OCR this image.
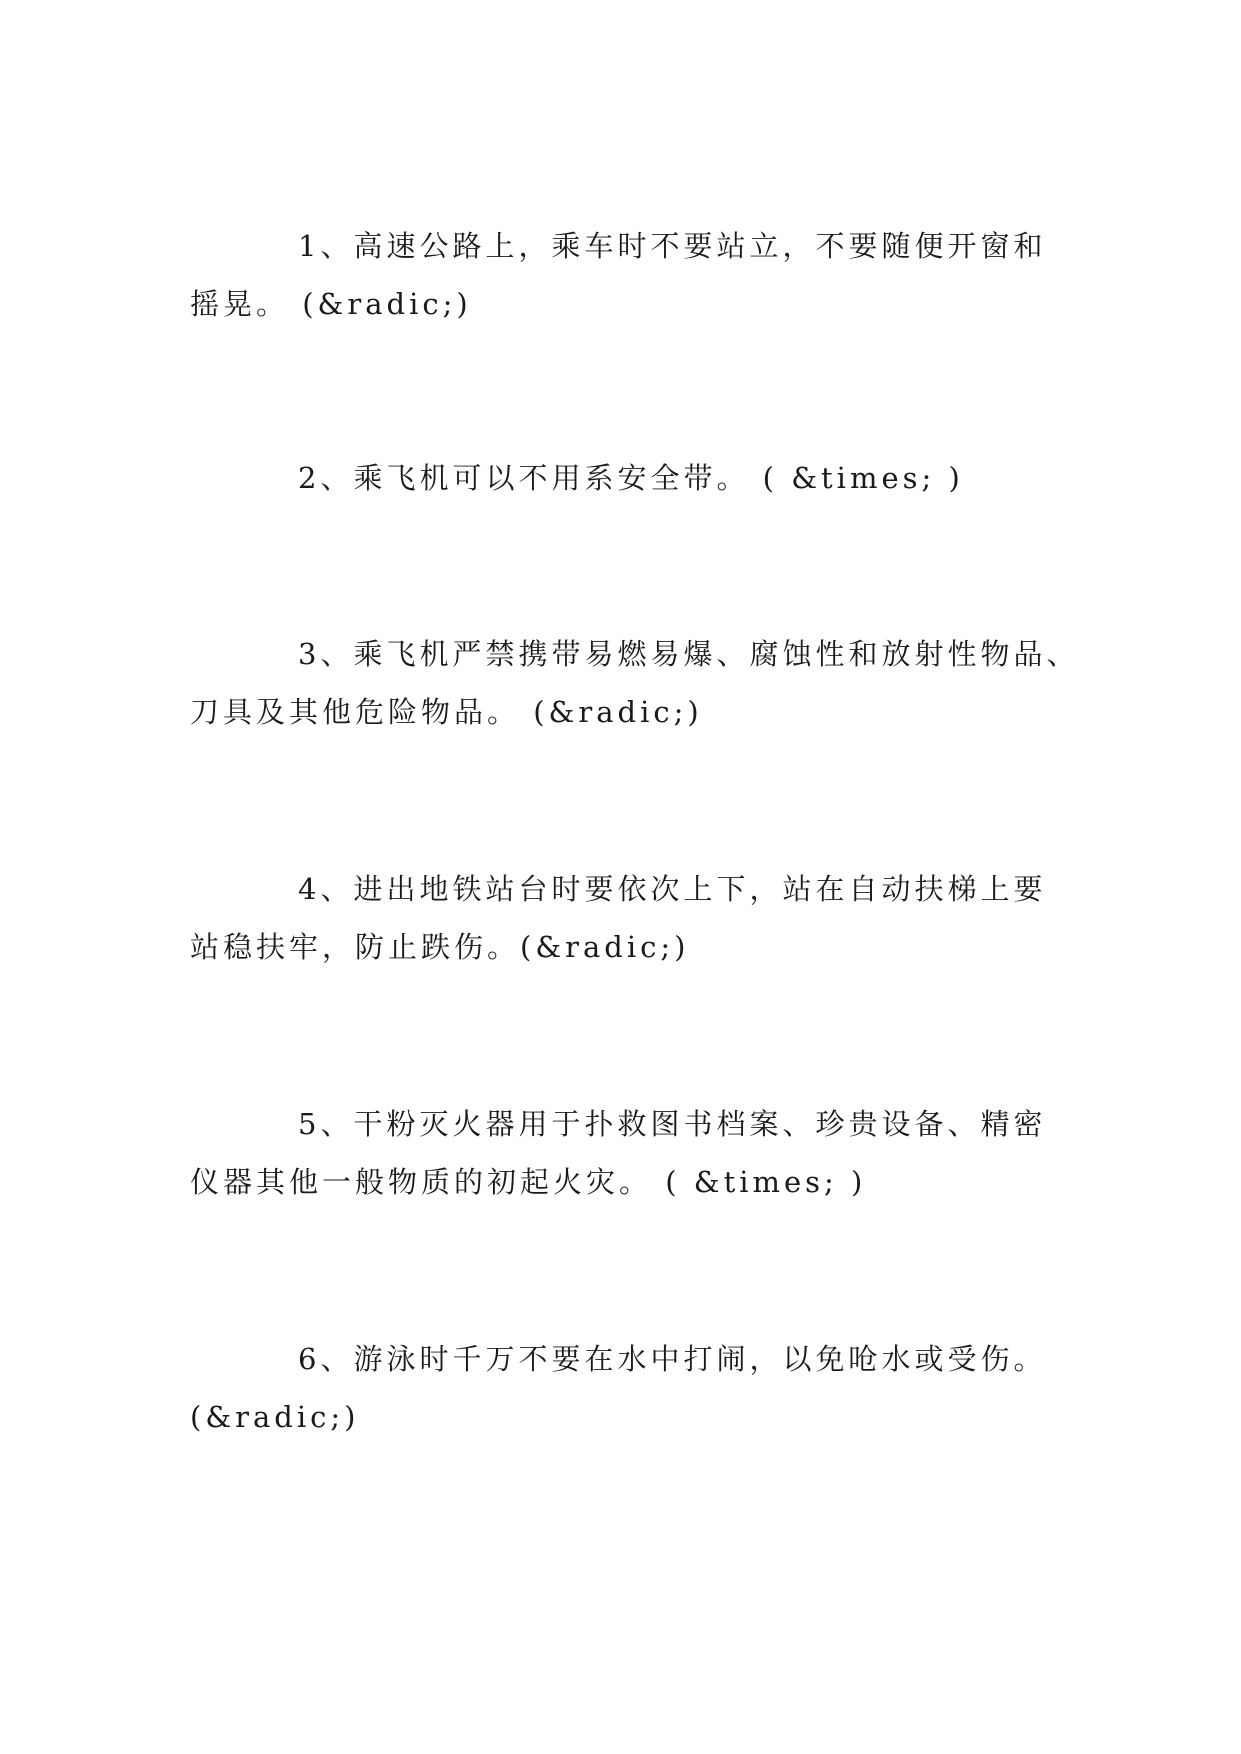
1、高速公路上，乘车时不要站立，不要随便开窗和
摇晃。 (&radic;)

2、乘飞机可以不用系安全带。 ( &times; )

3、乘飞机严禁携带易燃易爆、腐蚀性和放射性物品、
刀具及其他危险物品。 (&radic;)

4、进出地铁站台时要依次上下，站在自动扶梯上要
站稳扶牢，防止跌伤。(&radic;)

5、干粉灭火器用于扑救图书档案、珍贵设备、精密
仪器其他一般物质的初起火灾。 ( &times; )

6、游泳时千万不要在水中打闹，以免呛水或受伤。
(&radic;)
